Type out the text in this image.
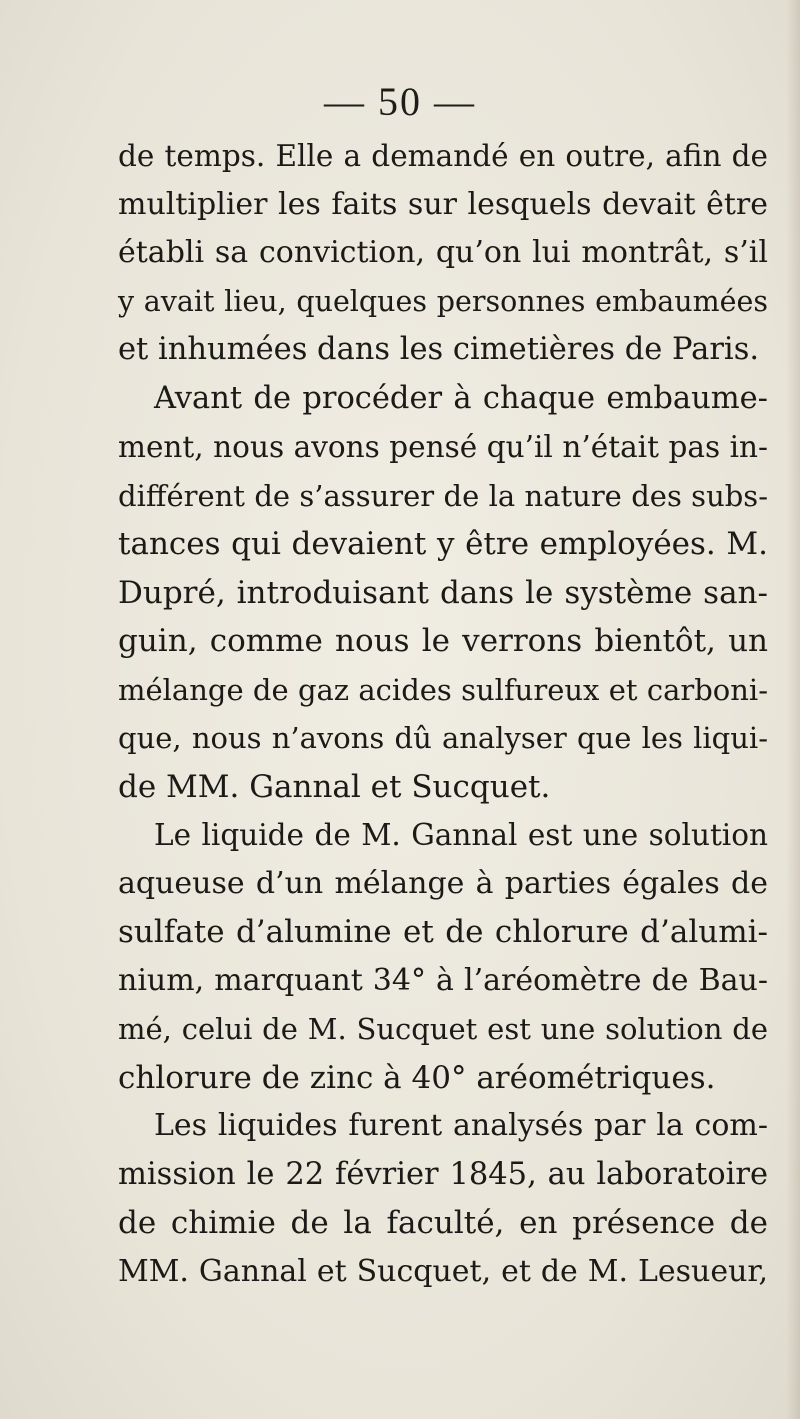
— 50 —
de temps. Elle a demandé en outre, afin de
multiplier les faits sur lesquels devait être
établi sa conviction, qu’on lui montrât, s’il
y avait lieu, quelques personnes embaumées
et inhumées dans les cimetières de Paris.
Avant de procéder à chaque embaume-
ment, nous avons pensé qu’il n’était pas in-
différent de s’assurer de la nature des subs-
tances qui devaient y être employées. M.
Dupré, introduisant dans le système san-
guin, comme nous le verrons bientôt, un
mélange de gaz acides sulfureux et carboni-
que, nous n’avons dû analyser que les liqui-
de MM. Gannal et Sucquet.
Le liquide de M. Gannal est une solution
aqueuse d’un mélange à parties égales de
sulfate d’alumine et de chlorure d’alumi-
nium, marquant 34° à l’aréomètre de Bau-
mé, celui de M. Sucquet est une solution de
chlorure de zinc à 40° aréométriques.
Les liquides furent analysés par la com-
mission le 22 février 1845, au laboratoire
de chimie de la faculté, en présence de
MM. Gannal et Sucquet, et de M. Lesueur,
